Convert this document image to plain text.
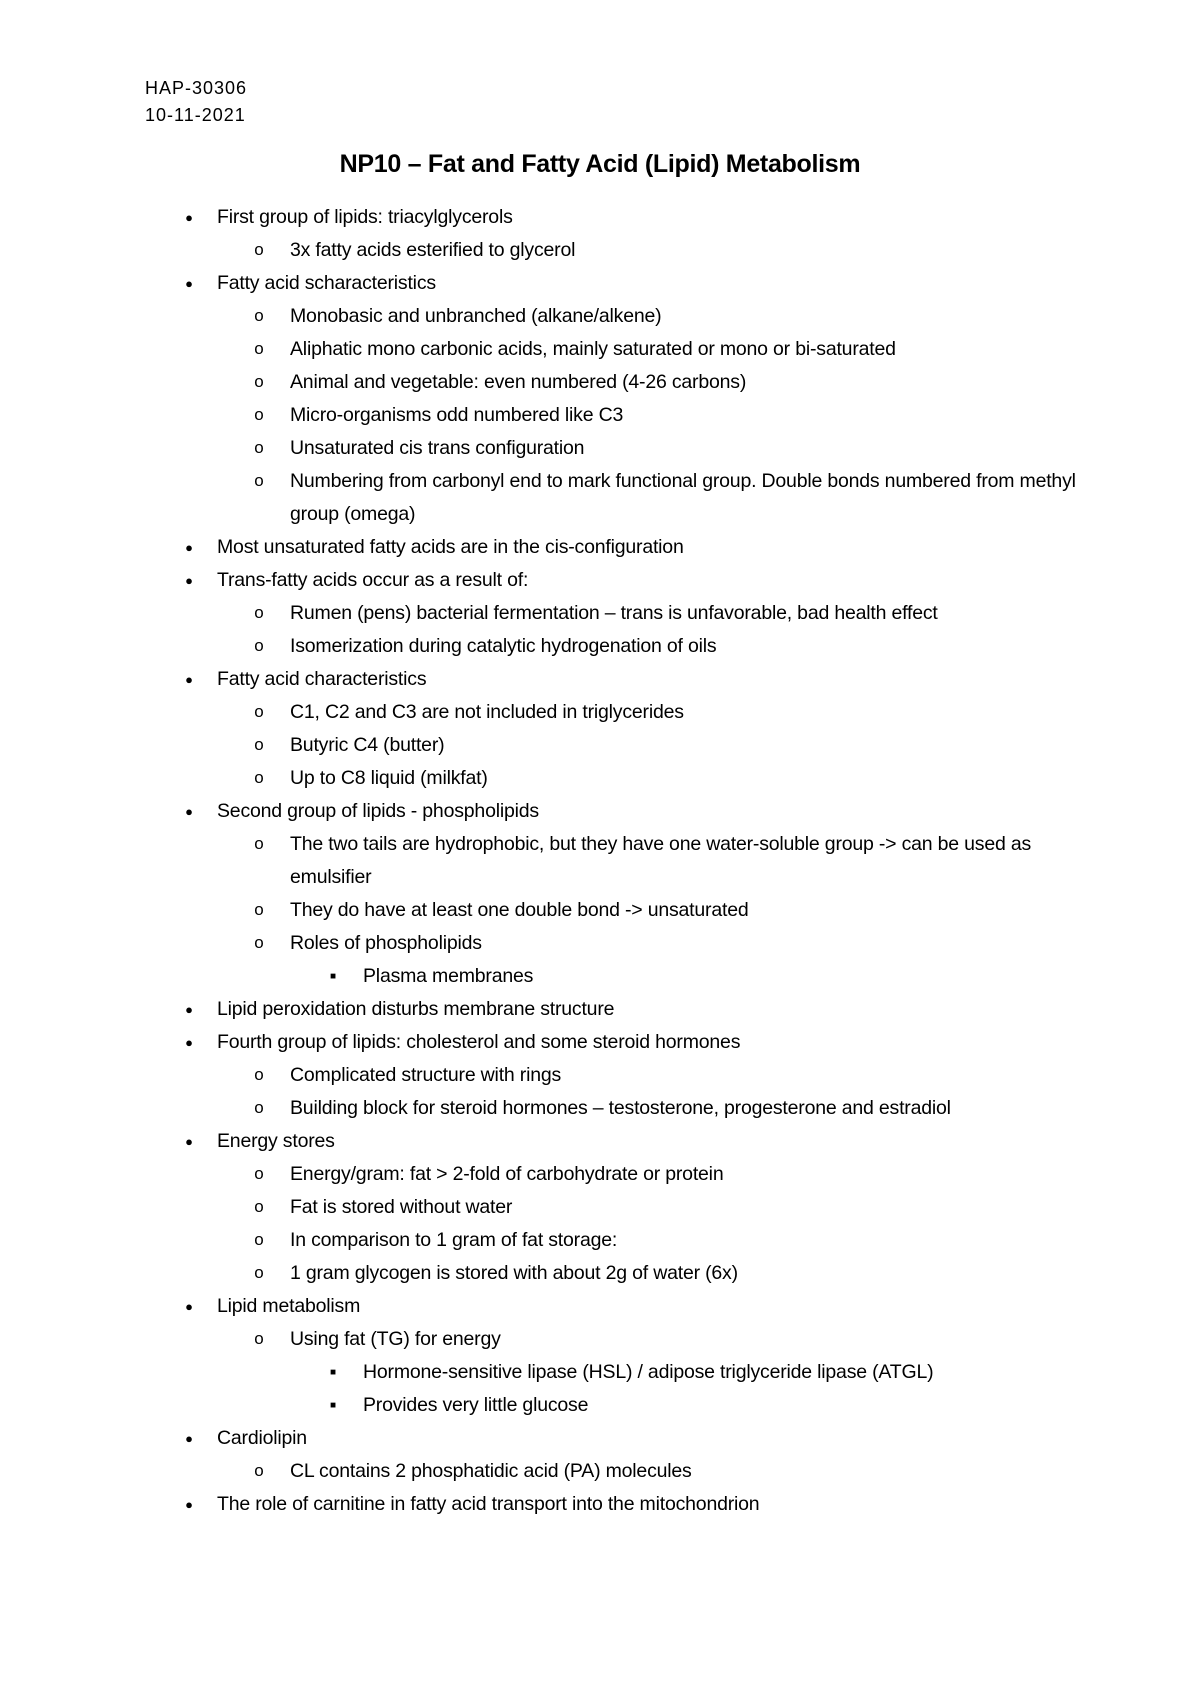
HAP-30306
10-11-2021
NP10 – Fat and Fatty Acid (Lipid) Metabolism
●	First group of lipids: triacylglycerols
o 3x fatty acids esterified to glycerol
●	Fatty acid scharacteristics
o Monobasic and unbranched (alkane/alkene)
o Aliphatic mono carbonic acids, mainly saturated or mono or bi-saturated
o Animal and vegetable: even numbered (4-26 carbons)
o Micro-organisms odd numbered like C3
o Unsaturated cis trans configuration
o Numbering from carbonyl end to mark functional group. Double bonds numbered from methyl group (omega)
●	Most unsaturated fatty acids are in the cis-configuration
●	Trans-fatty acids occur as a result of:
o Rumen (pens) bacterial fermentation – trans is unfavorable, bad health effect
o Isomerization during catalytic hydrogenation of oils
●	Fatty acid characteristics
o C1, C2 and C3 are not included in triglycerides
o Butyric C4 (butter)
o Up to C8 liquid (milkfat)
●	Second group of lipids - phospholipids
o The two tails are hydrophobic, but they have one water-soluble group -> can be used as emulsifier
o They do have at least one double bond -> unsaturated
o Roles of phospholipids
■ Plasma membranes
●	Lipid peroxidation disturbs membrane structure
●	Fourth group of lipids: cholesterol and some steroid hormones
o Complicated structure with rings
o Building block for steroid hormones – testosterone, progesterone and estradiol
●	Energy stores
o Energy/gram: fat > 2-fold of carbohydrate or protein
o Fat is stored without water
o In comparison to 1 gram of fat storage:
o 1 gram glycogen is stored with about 2g of water (6x)
●	Lipid metabolism
o Using fat (TG) for energy
■ Hormone-sensitive lipase (HSL) / adipose triglyceride lipase (ATGL)
■ Provides very little glucose
●	Cardiolipin
o CL contains 2 phosphatidic acid (PA) molecules
●	The role of carnitine in fatty acid transport into the mitochondrion
